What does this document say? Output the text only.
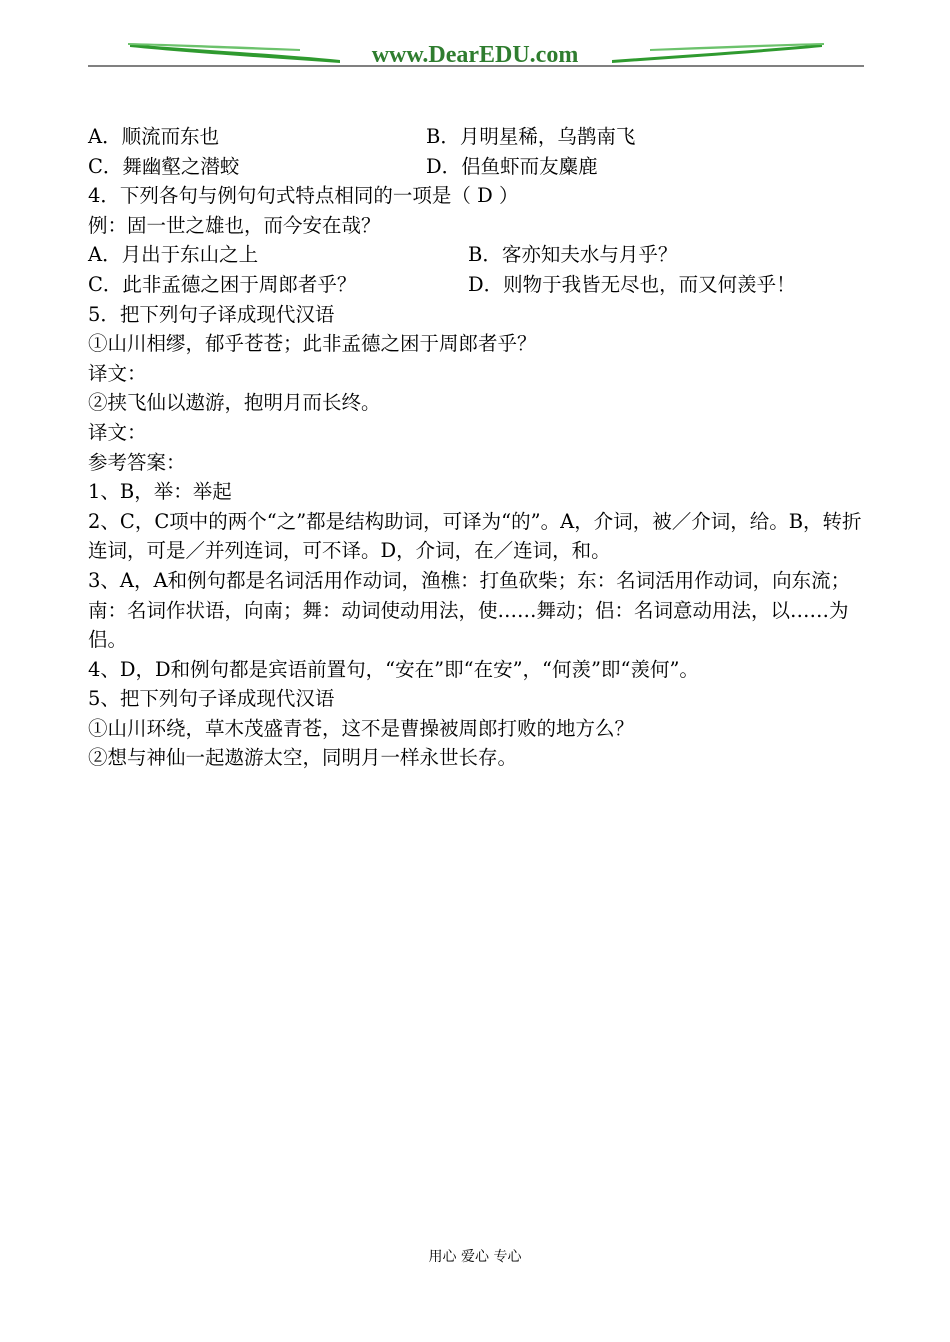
www.DearEDU.com
A．顺流而东也	B．月明星稀，乌鹊南飞
C．舞幽壑之潜蛟	D．侣鱼虾而友麋鹿
4．下列各句与例句句式特点相同的一项是（ D ）
例：固一世之雄也，而今安在哉？
A．月出于东山之上	B．客亦知夫水与月乎？
C．此非孟德之困于周郎者乎？	D．则物于我皆无尽也，而又何羡乎！
5．把下列句子译成现代汉语
①山川相缪，郁乎苍苍；此非孟德之困于周郎者乎？
译文：
②挟飞仙以遨游，抱明月而长终。
译文：
参考答案：
1、B，举：举起
2、C，C项中的两个“之”都是结构助词，可译为“的”。A，介词，被／介词，给。B，转折连词，可是／并列连词，可不译。D，介词，在／连词，和。
3、A，A和例句都是名词活用作动词，渔樵：打鱼砍柴；东：名词活用作动词，向东流；南：名词作状语，向南；舞：动词使动用法，使……舞动；侣：名词意动用法，以……为侣。
4、D，D和例句都是宾语前置句，“安在”即“在安”，“何羡”即“羡何”。
5、把下列句子译成现代汉语
①山川环绕，草木茂盛青苍，这不是曹操被周郎打败的地方么？
②想与神仙一起遨游太空，同明月一样永世长存。
用心 爱心 专心
